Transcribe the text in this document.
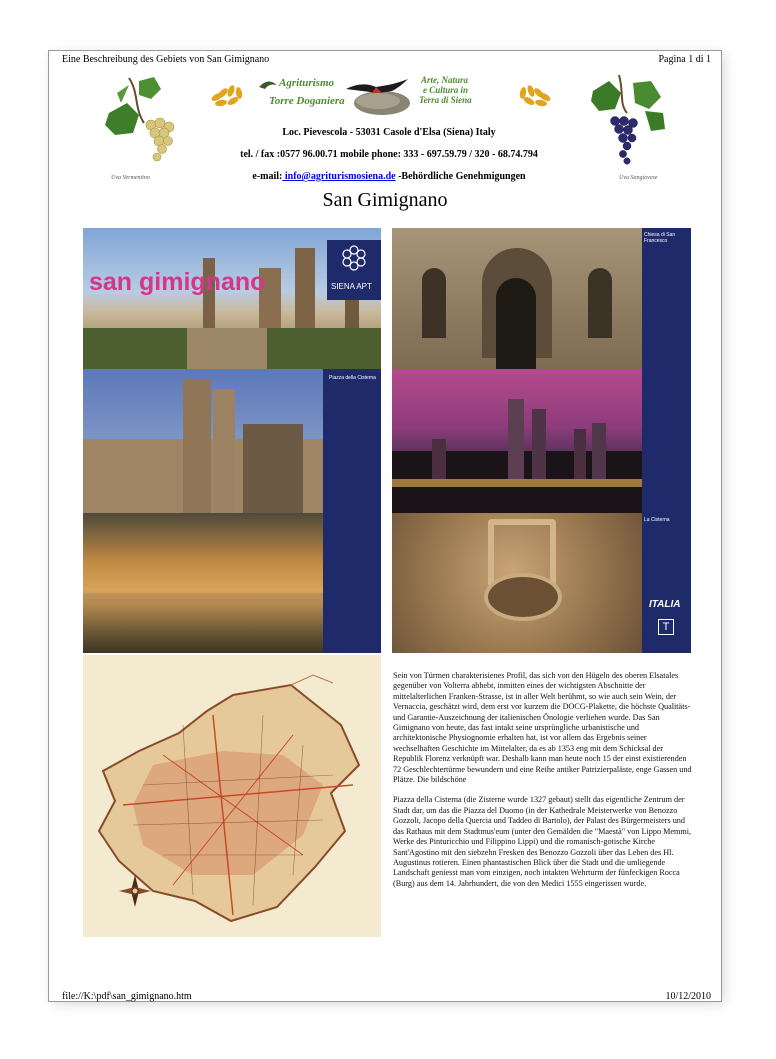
Eine Beschreibung des Gebiets von San Gimignano	Pagina 1 di 1
Uva Vermentino	Uva Sangiovese
Agriturismo
Torre Doganiera
Arte, Natura
e Cultura in
Terra di Siena
Loc. Pievescola - 53031 Casole d'Elsa (Siena) Italy
tel. / fax :0577 96.00.71 mobile phone: 333 - 697.59.79 / 320 - 68.74.794
e-mail: info@agriturismosiena.de -Behördliche Genehmigungen
San Gimignano
san gimignano	SIENA APT
Chiesa di San Francesco
Piazza della Cisterna
La Cisterna
ITALIA
T

Sein von Türmen charakterisienes Profil, das sich von den Hügeln des oberen Elsatales gegenüber von Volterra abhebt, inmitten eines der wichtigsten Abschnitte der mittelalterlichen Franken-Strasse, ist in aller Welt berühmt, so wie auch sein Wein, der Vernaccia, geschätzt wird, dem erst vor kurzem die DOCG-Plakette, die höchste Qualitäts- und Garantie-Auszeichnung der italienischen Önologie verliehen wurde. Das San Gimignano von heute, das fast intakt seine ursprüngliche urbanistische und architektonische Physiognomie erhalten hat, ist vor allem das Ergebnis seiner wechselhaften Geschichte im Mittelalter, da es ab 1353 eng mit dem Schicksal der Republik Florenz verknüpft war. Deshalb kann man heute noch 15 der einst existierenden 72 Geschlechtertürme bewundern und eine Reihe antiker Patrizierpaläste, enge Gassen und Plätze. Die bildschöne

Piazza della Cisterna (die Zisterne wurde 1327 gebaut) stellt das eigentliche Zentrum der Stadt dar, um das die Piazza del Duomo (in der Kathedrale Meisterwerke von Benozzo Gozzoli, Jacopo della Quercia und Taddeo di Bartolo), der Palast des Bürgermeisters und das Rathaus mit dem Stadtmus'eum (unter den Gemälden die "Maestà" von Lippo Memmi, Werke des Pinturicchio und Filippino Lippi) und die romanisch-gotische Kirche Sant'Agostino mit den siebzehn Fresken des Benozzo Gozzoli über das Leben des Hl. Augustinus rotieren. Einen phantastischen Blick über die Stadt und die umliegende Landschaft geniesst man vom einzigen, noch intakten Wehrturm der fünfeckigen Rocca (Burg) aus dem 14. Jahrhundert, die von den Medici 1555 eingerissen wurde.

file://K:\pdf\san_gimignano.htm	10/12/2010
